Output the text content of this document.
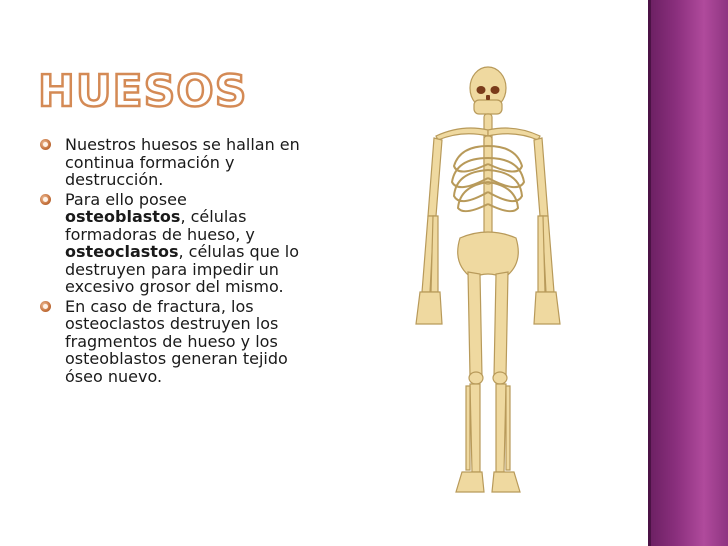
HUESOS
Nuestros huesos se hallan en continua formación y destrucción.
Para ello posee osteoblastos, células formadoras de hueso, y osteoclastos, células que lo destruyen para impedir un excesivo grosor del mismo.
En caso de fractura, los osteoclastos destruyen los fragmentos de hueso y los osteoblastos generan tejido óseo nuevo.
